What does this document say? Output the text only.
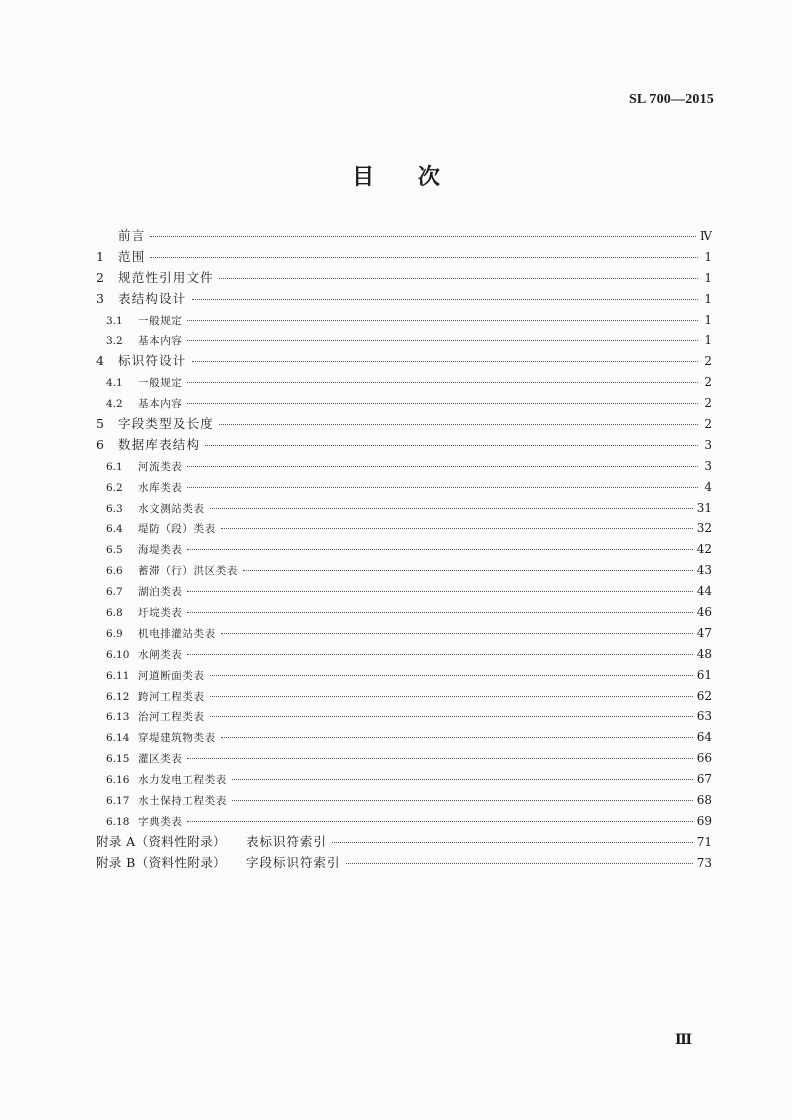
SL 700—2015
目 次
前言	Ⅳ
1	范围	1
2	规范性引用文件	1
3	表结构设计	1
3.1	一般规定	1
3.2	基本内容	1
4	标识符设计	2
4.1	一般规定	2
4.2	基本内容	2
5	字段类型及长度	2
6	数据库表结构	3
6.1	河流类表	3
6.2	水库类表	4
6.3	水文测站类表	31
6.4	堤防（段）类表	32
6.5	海堤类表	42
6.6	蓄滞（行）洪区类表	43
6.7	湖泊类表	44
6.8	圩垸类表	46
6.9	机电排灌站类表	47
6.10 水闸类表	48
6.11 河道断面类表	61
6.12 跨河工程类表	62
6.13 治河工程类表	63
6.14 穿堤建筑物类表	64
6.15 灌区类表	66
6.16 水力发电工程类表	67
6.17 水土保持工程类表	68
6.18 字典类表	69
附录 A（资料性附录）	表标识符索引	71
附录 B（资料性附录）	字段标识符索引	73
Ⅲ
